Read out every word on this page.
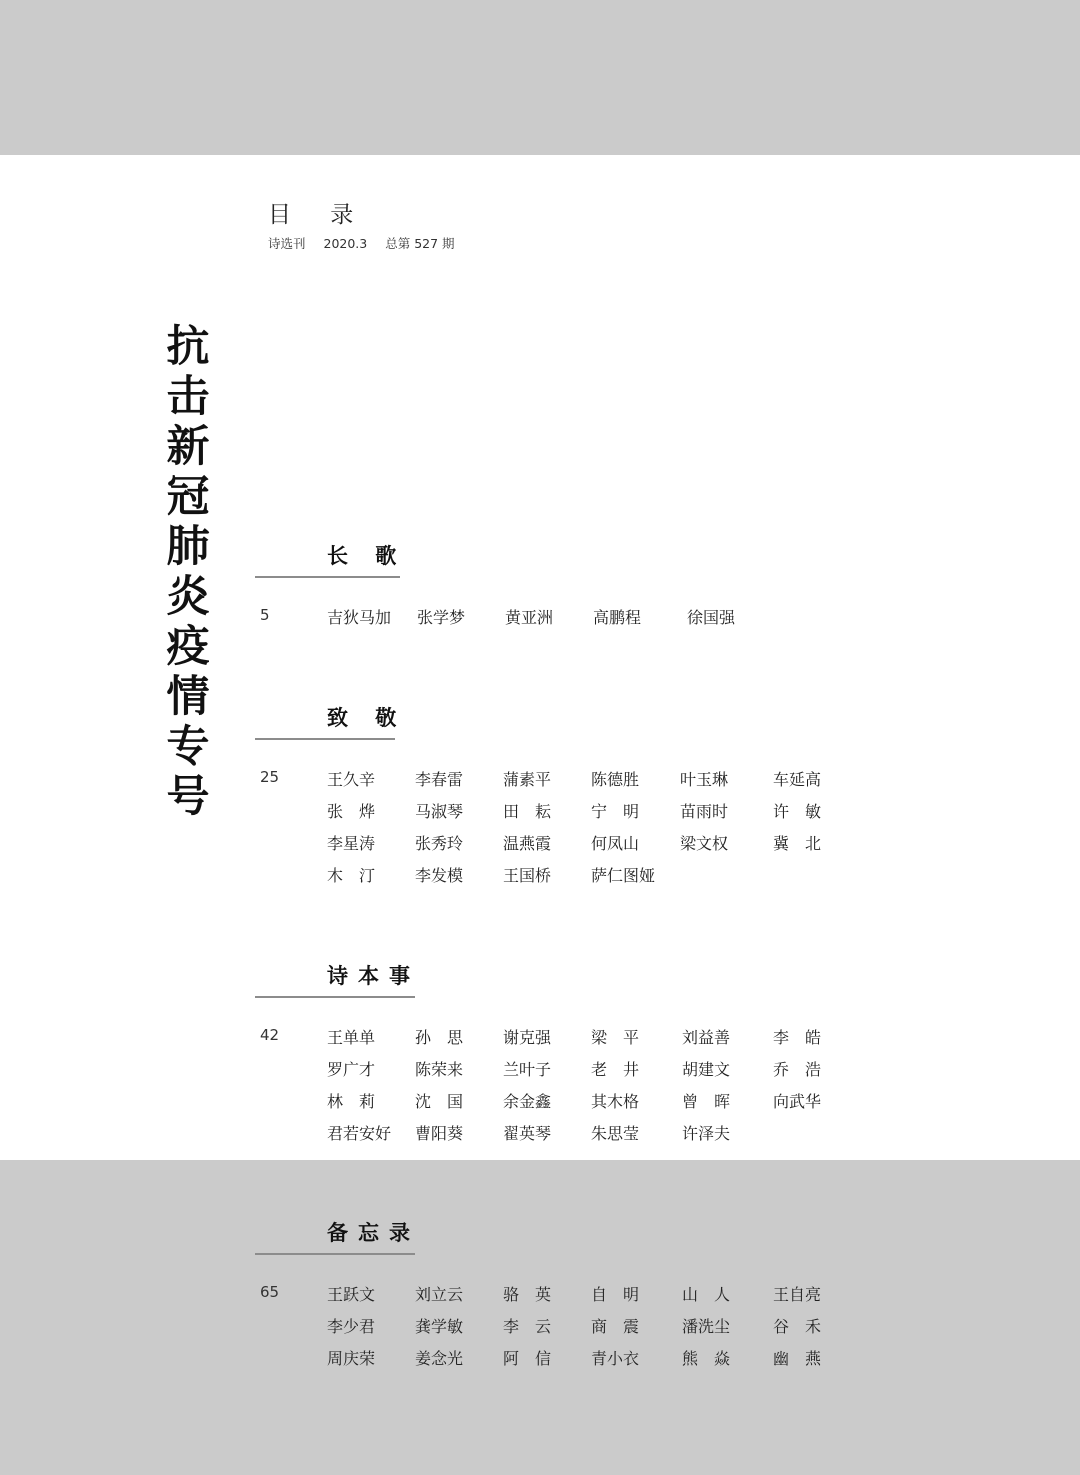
目 录
诗选刊 2020.3 总第 527 期
抗
击
新
冠
肺
炎
疫
情
专
号
长 歌
5	吉狄马加 张学梦 黄亚洲 高鹏程	徐国强
致 敬
25	王久辛 李春雷 蒲素平 陈德胜	叶玉琳	车延高
张　烨 马淑琴 田　耘 宁　明	苗雨时	许　敏
李星涛 张秀玲 温燕霞 何凤山	梁文权	冀　北
木　汀 李发模 王国桥 萨仁图娅
诗本事
42	王单单 孙　思 谢克强 梁　平	刘益善	李　皓
罗广才 陈荣来 兰叶子 老　井	胡建文	乔　浩
林　莉 沈　国 余金鑫 其木格	曾　晖	向武华
君若安好 曹阳葵 翟英琴 朱思莹	许泽夫
备忘录
65	王跃文 刘立云 骆　英 自　明	山　人	王自亮
李少君 龚学敏 李　云 商　震	潘洗尘	谷　禾
周庆荣 姜念光 阿　信 青小衣	熊　焱	幽　燕
